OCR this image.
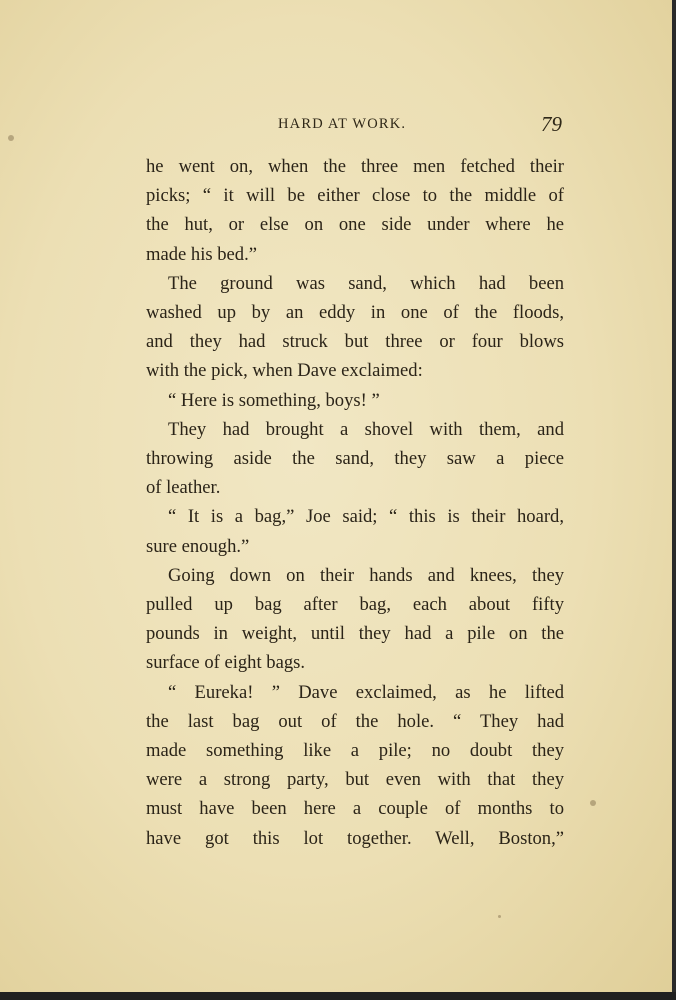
HARD AT WORK.	79
he went on, when the three men fetched their
picks; “ it will be either close to the middle of
the hut, or else on one side under where he
made his bed.”
The ground was sand, which had been
washed up by an eddy in one of the floods,
and they had struck but three or four blows
with the pick, when Dave exclaimed:
“ Here is something, boys! ”
They had brought a shovel with them, and
throwing aside the sand, they saw a piece
of leather.
“ It is a bag,” Joe said; “ this is their hoard,
sure enough.”
Going down on their hands and knees, they
pulled up bag after bag, each about fifty
pounds in weight, until they had a pile on the
surface of eight bags.
“ Eureka! ” Dave exclaimed, as he lifted
the last bag out of the hole. “ They had
made something like a pile; no doubt they
were a strong party, but even with that they
must have been here a couple of months to
have got this lot together. Well, Boston,”
